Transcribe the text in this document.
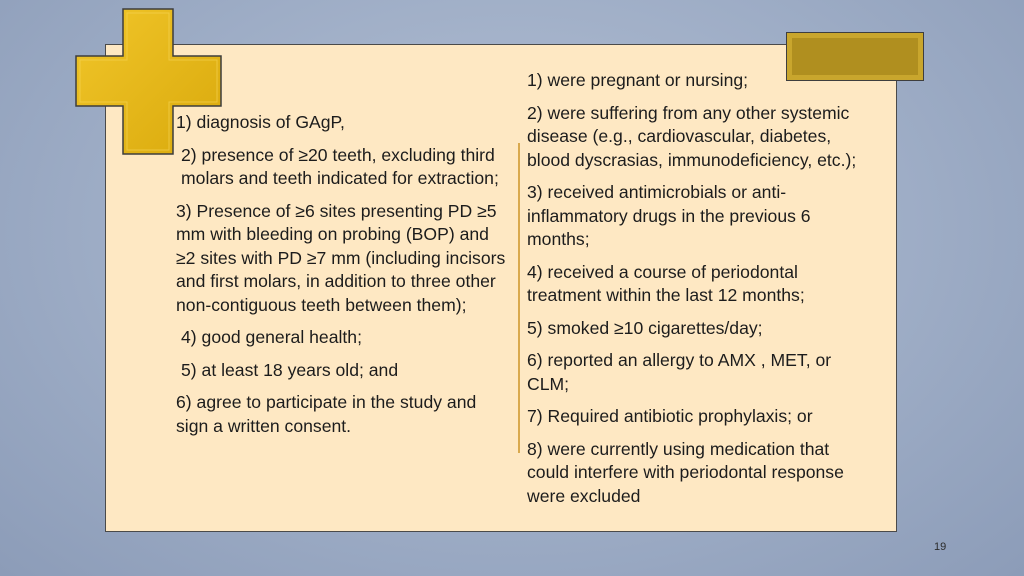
1) diagnosis of GAgP,

2) presence of ≥20 teeth, excluding third molars and teeth indicated for extraction;

3) Presence of ≥6 sites presenting PD ≥5 mm with bleeding on probing (BOP) and ≥2 sites with PD ≥7 mm (including incisors and first molars, in addition to three other non-contiguous teeth between them);

4) good general health;

5) at least 18 years old; and

6) agree to participate in the study and sign a written consent.

1) were pregnant or nursing;

2) were suffering from any other systemic disease (e.g., cardiovascular, diabetes, blood dyscrasias, immunodeficiency, etc.);

3) received antimicrobials or anti-inflammatory drugs in the previous 6 months;

4) received a course of periodontal treatment within the last 12 months;

5) smoked ≥10 cigarettes/day;

6) reported an allergy to AMX , MET, or CLM;

7) Required antibiotic prophylaxis; or

8) were currently using medication that could interfere with periodontal response were excluded

19
